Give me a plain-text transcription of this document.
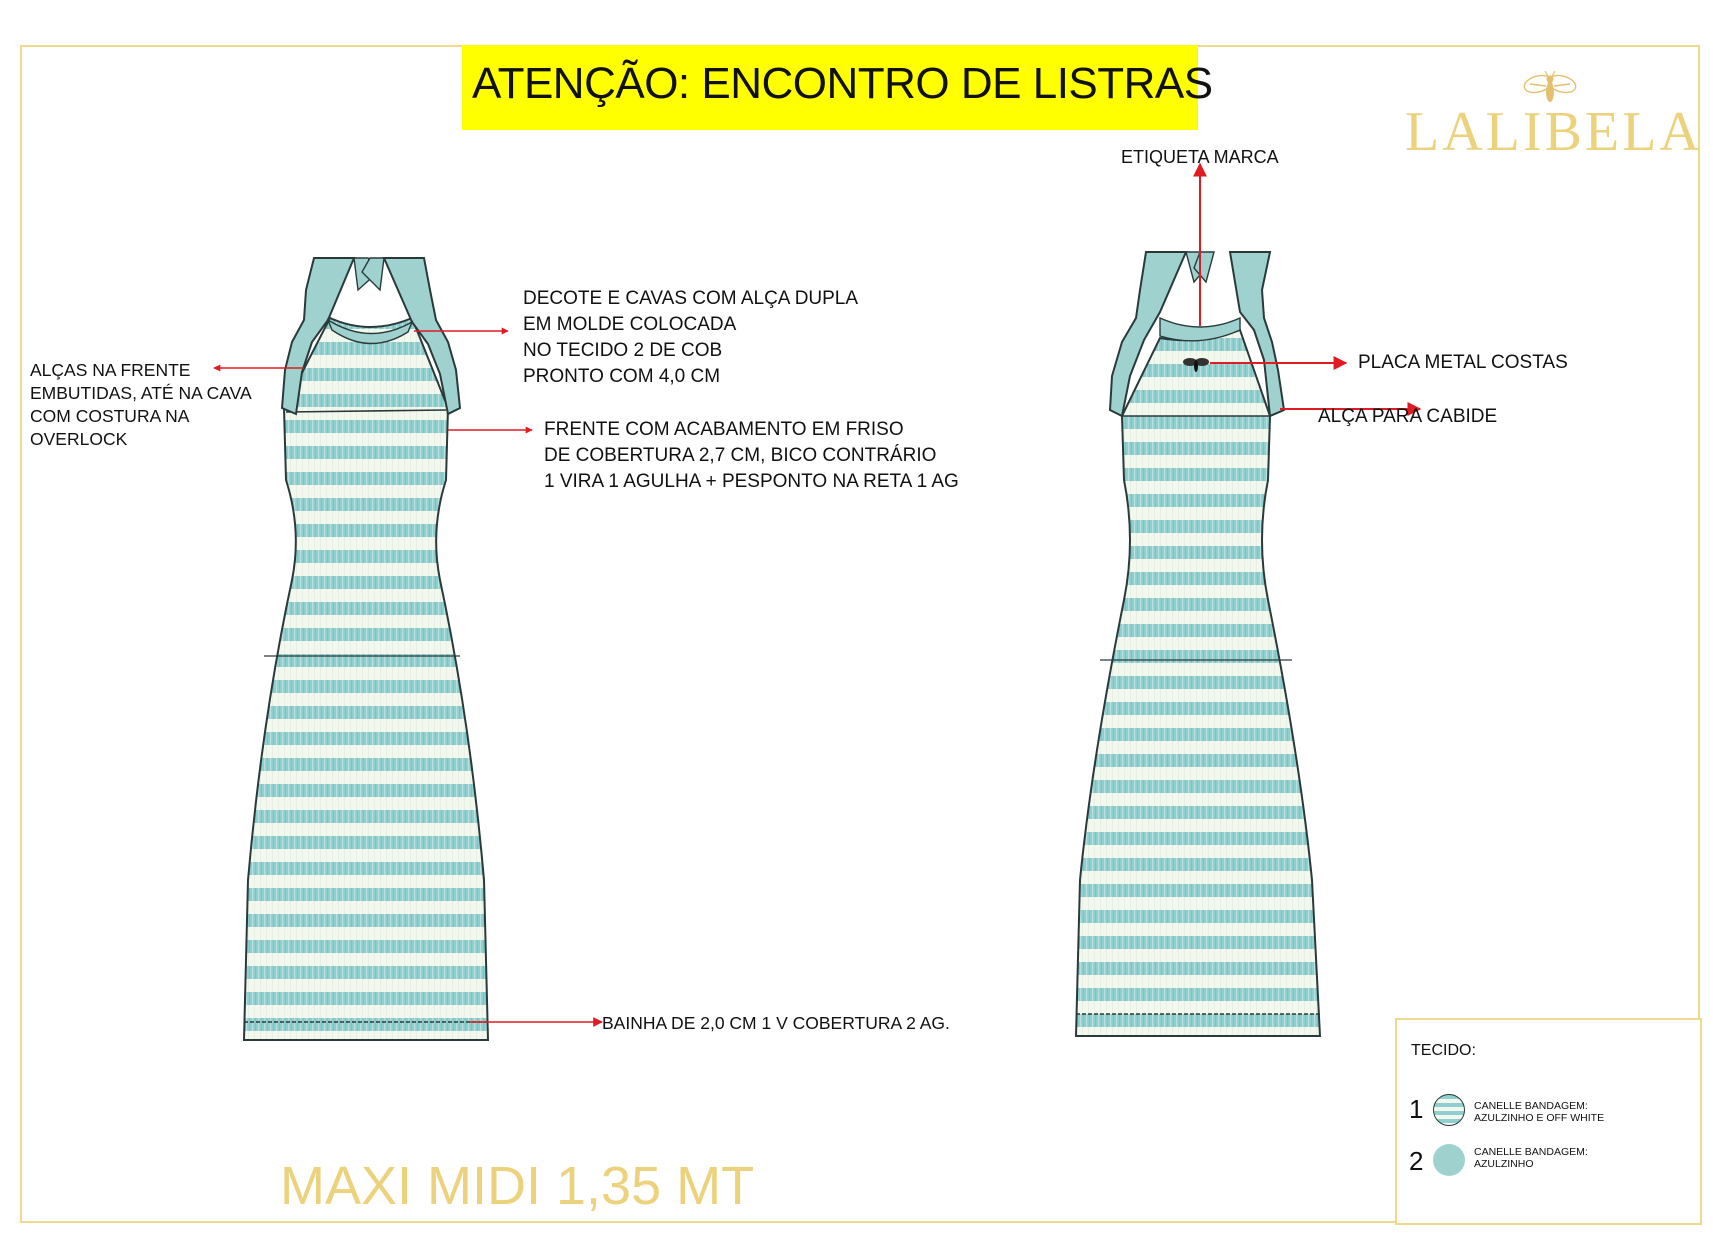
ATENÇÃO: ENCONTRO DE LISTRAS
LALIBELA
ALÇAS NA FRENTE
EMBUTIDAS, ATÉ NA CAVA
COM COSTURA NA
OVERLOCK
DECOTE E CAVAS COM ALÇA DUPLA
EM MOLDE COLOCADA
NO TECIDO 2 DE COB
PRONTO COM 4,0 CM
FRENTE COM ACABAMENTO EM FRISO
DE COBERTURA 2,7 CM, BICO CONTRÁRIO
1 VIRA 1 AGULHA + PESPONTO NA RETA 1 AG
BAINHA DE 2,0 CM 1 V COBERTURA 2 AG.
ETIQUETA MARCA
PLACA METAL COSTAS
ALÇA PARA CABIDE
MAXI MIDI 1,35 MT
TECIDO:
1	CANELLE BANDAGEM:
AZULZINHO E OFF WHITE
2	CANELLE BANDAGEM:
AZULZINHO
